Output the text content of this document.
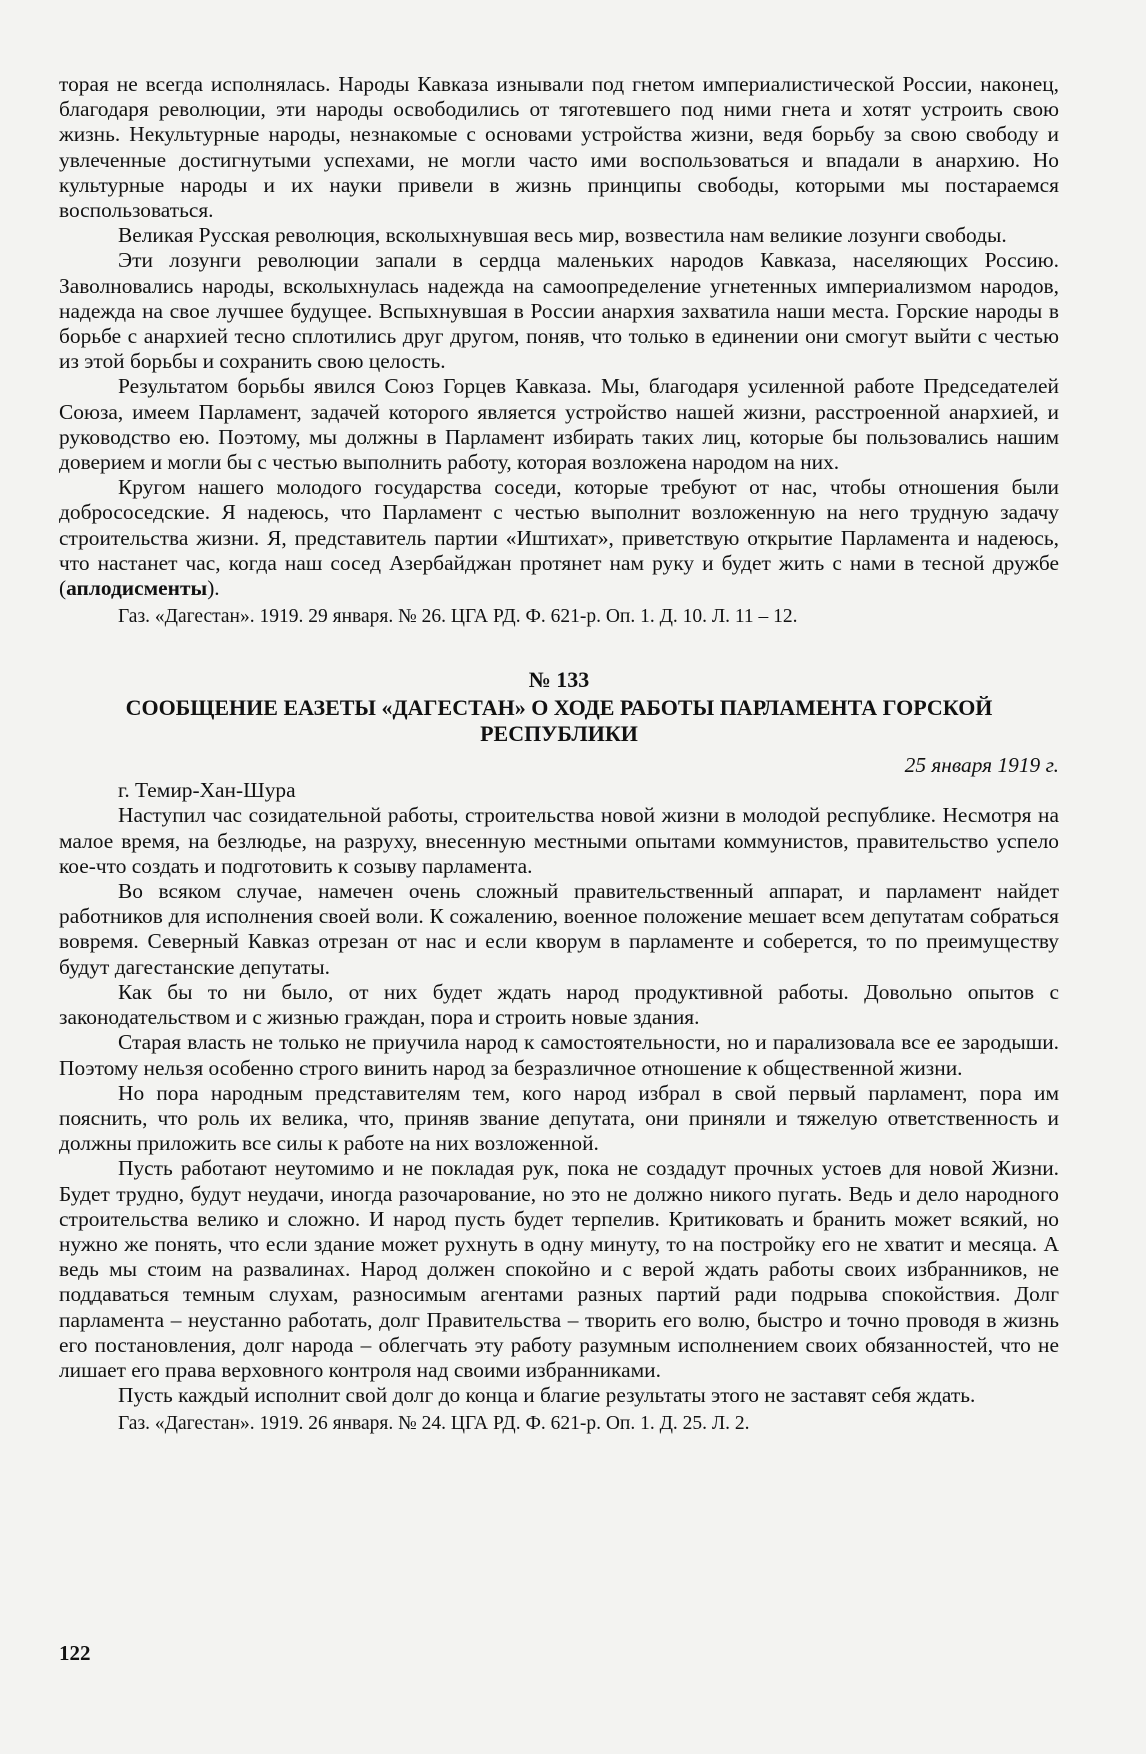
торая не всегда исполнялась. Народы Кавказа изнывали под гнетом империалистической России, наконец, благодаря революции, эти народы освободились от тяготевшего под ними гнета и хотят устроить свою жизнь. Некультурные народы, незнакомые с основами устройства жизни, ведя борьбу за свою свободу и увлеченные достигнутыми успехами, не могли часто ими воспользоваться и впадали в анархию. Но культурные народы и их науки привели в жизнь принципы свободы, которыми мы постараемся воспользоваться.

Великая Русская революция, всколыхнувшая весь мир, возвестила нам великие лозунги свободы.

Эти лозунги революции запали в сердца маленьких народов Кавказа, населяющих Россию. Заволновались народы, всколыхнулась надежда на самоопределение угнетенных империализмом народов, надежда на свое лучшее будущее. Вспыхнувшая в России анархия захватила наши места. Горские народы в борьбе с анархией тесно сплотились друг другом, поняв, что только в единении они смогут выйти с честью из этой борьбы и сохранить свою целость.

Результатом борьбы явился Союз Горцев Кавказа. Мы, благодаря усиленной работе Председателей Союза, имеем Парламент, задачей которого является устройство нашей жизни, расстроенной анархией, и руководство ею. Поэтому, мы должны в Парламент избирать таких лиц, которые бы пользовались нашим доверием и могли бы с честью выполнить работу, которая возложена народом на них.

Кругом нашего молодого государства соседи, которые требуют от нас, чтобы отношения были добрососедские. Я надеюсь, что Парламент с честью выполнит возложенную на него трудную задачу строительства жизни. Я, представитель партии «Иштихат», приветствую открытие Парламента и надеюсь, что настанет час, когда наш сосед Азербайджан протянет нам руку и будет жить с нами в тесной дружбе (аплодисменты).

Газ. «Дагестан». 1919. 29 января. № 26. ЦГА РД. Ф. 621-р. Оп. 1. Д. 10. Л. 11 – 12.

№ 133
СООБЩЕНИЕ ЕАЗЕТЫ «ДАГЕСТАН» О ХОДЕ РАБОТЫ ПАРЛАМЕНТА ГОРСКОЙ РЕСПУБЛИКИ

25 января 1919 г.

г. Темир-Хан-Шура

Наступил час созидательной работы, строительства новой жизни в молодой республике. Несмотря на малое время, на безлюдье, на разруху, внесенную местными опытами коммунистов, правительство успело кое-что создать и подготовить к созыву парламента.

Во всяком случае, намечен очень сложный правительственный аппарат, и парламент найдет работников для исполнения своей воли. К сожалению, военное положение мешает всем депутатам собраться вовремя. Северный Кавказ отрезан от нас и если кворум в парламенте и соберется, то по преимуществу будут дагестанские депутаты.

Как бы то ни было, от них будет ждать народ продуктивной работы. Довольно опытов с законодательством и с жизнью граждан, пора и строить новые здания.

Старая власть не только не приучила народ к самостоятельности, но и парализовала все ее зародыши. Поэтому нельзя особенно строго винить народ за безразличное отношение к общественной жизни.

Но пора народным представителям тем, кого народ избрал в свой первый парламент, пора им пояснить, что роль их велика, что, приняв звание депутата, они приняли и тяжелую ответственность и должны приложить все силы к работе на них возложенной.

Пусть работают неутомимо и не покладая рук, пока не создадут прочных устоев для новой Жизни. Будет трудно, будут неудачи, иногда разочарование, но это не должно никого пугать. Ведь и дело народного строительства велико и сложно. И народ пусть будет терпелив. Критиковать и бранить может всякий, но нужно же понять, что если здание может рухнуть в одну минуту, то на постройку его не хватит и месяца. А ведь мы стоим на развалинах. Народ должен спокойно и с верой ждать работы своих избранников, не поддаваться темным слухам, разносимым агентами разных партий ради подрыва спокойствия. Долг парламента – неустанно работать, долг Правительства – творить его волю, быстро и точно проводя в жизнь его постановления, долг народа – облегчать эту работу разумным исполнением своих обязанностей, что не лишает его права верховного контроля над своими избранниками.

Пусть каждый исполнит свой долг до конца и благие результаты этого не заставят себя ждать.

Газ. «Дагестан». 1919. 26 января. № 24. ЦГА РД. Ф. 621-р. Оп. 1. Д. 25. Л. 2.

122
